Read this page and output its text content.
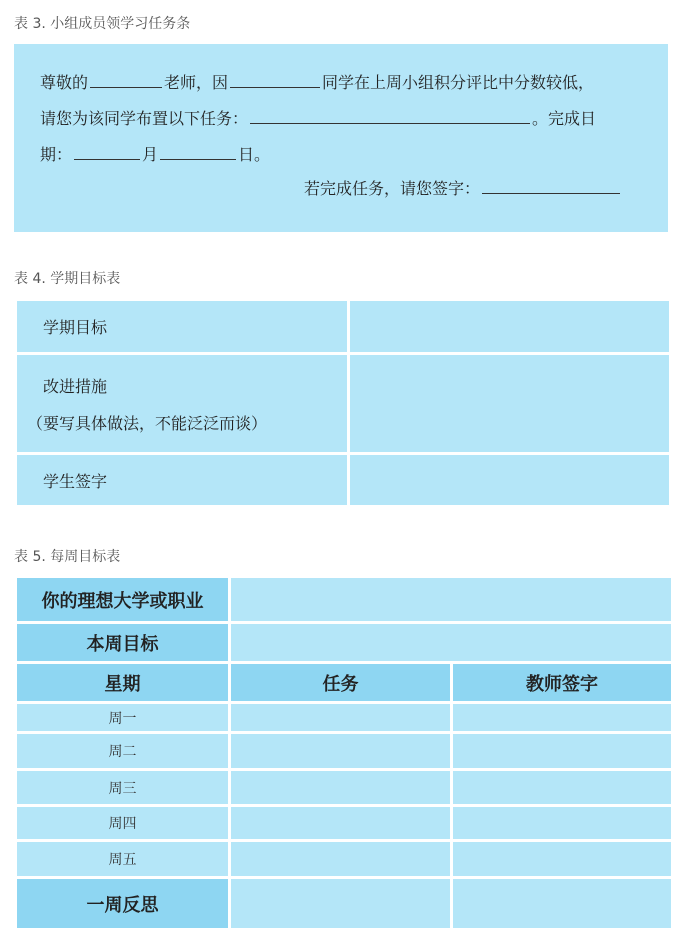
表 3. 小组成员领学习任务条
尊敬的	老师，因	同学在上周小组积分评比中分数较低，
请您为该同学布置以下任务：	。完成日
期：	月	日。
若完成任务，请您签字：
表 4. 学期目标表
学期目标	

改进措施
（要写具体做法，不能泛泛而谈）	

学生签字	
表 5. 每周目标表
你的理想大学或职业		
本周目标		
星期	任务	教师签字
周一		
周二		
周三		
周四		
周五		
一周反思		
